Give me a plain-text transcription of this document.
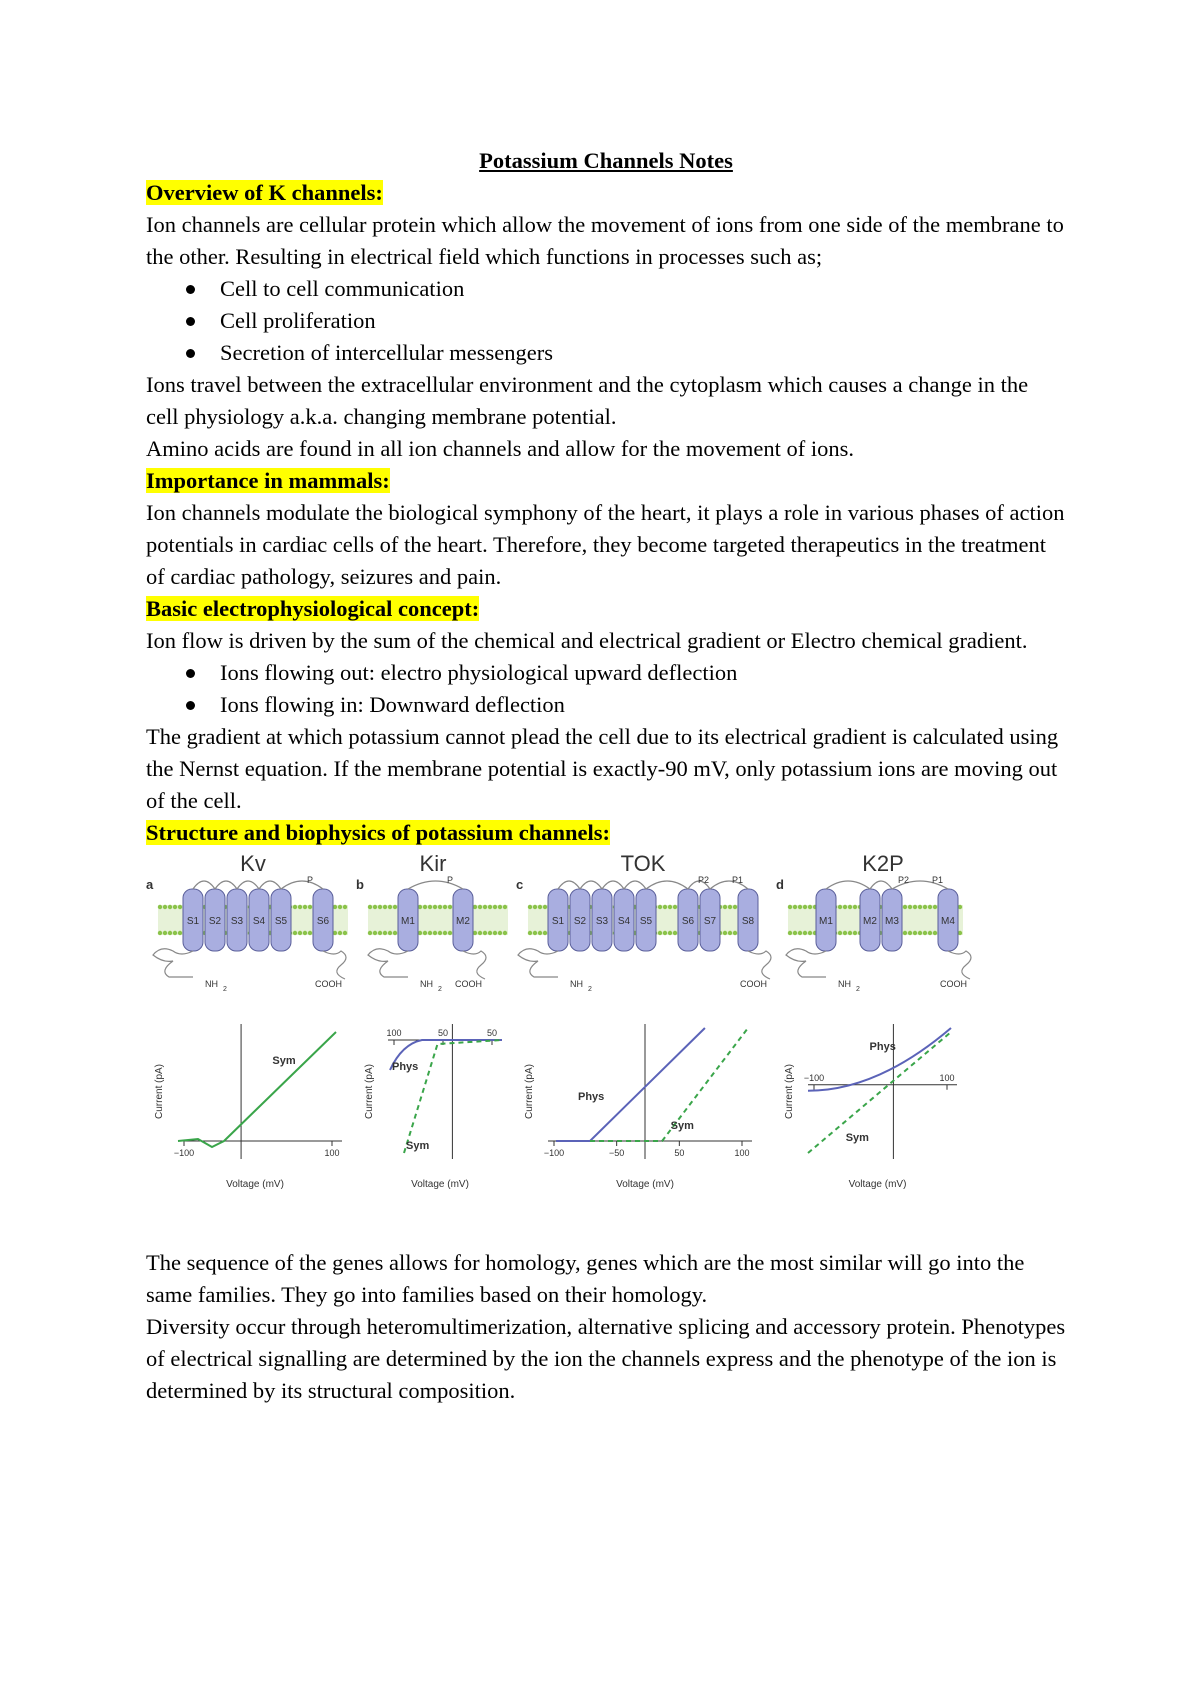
Potassium Channels Notes

Overview of K channels:

Ion channels are cellular protein which allow the movement of ions from one side of the membrane to the other. Resulting in electrical field which functions in processes such as;

Cell to cell communication
Cell proliferation
Secretion of intercellular messengers

Ions travel between the extracellular environment and the cytoplasm which causes a change in the cell physiology a.k.a. changing membrane potential.

Amino acids are found in all ion channels and allow for the movement of ions.

Importance in mammals:

Ion channels modulate the biological symphony of the heart, it plays a role in various phases of action potentials in cardiac cells of the heart. Therefore, they become targeted therapeutics in the treatment of cardiac pathology, seizures and pain.

Basic electrophysiological concept:

Ion flow is driven by the sum of the chemical and electrical gradient or Electro chemical gradient.

Ions flowing out: electro physiological upward deflection
Ions flowing in: Downward deflection

The gradient at which potassium cannot plead the cell due to its electrical gradient is calculated using the Nernst equation. If the membrane potential is exactly-90 mV, only potassium ions are moving out of the cell.

Structure and biophysics of potassium channels:
Kv
a
S1 S2 S3 S4 S5	S6
P
NH
2
COOH
Current (pA)
Voltage (mV)
−100	100
Sym
Kir
b
M1	M2
P
NH
2
COOH
Current (pA)
Voltage (mV)
100	50	50
Phys
Sym
TOK
c
S1 S2 S3 S4 S5	S6 S7	S8
P1
P2
NH
2
COOH
Current (pA)
Voltage (mV)
−100	−50	50	100
Phys
Sym
K2P
d
M1	M2 M3	M4
P1
P2
NH
2
COOH
Current (pA)
Voltage (mV)
−100	100
Phys
Sym

The sequence of the genes allows for homology, genes which are the most similar will go into the same families. They go into families based on their homology.

Diversity occur through heteromultimerization, alternative splicing and accessory protein. Phenotypes of electrical signalling are determined by the ion the channels express and the phenotype of the ion is determined by its structural composition.
